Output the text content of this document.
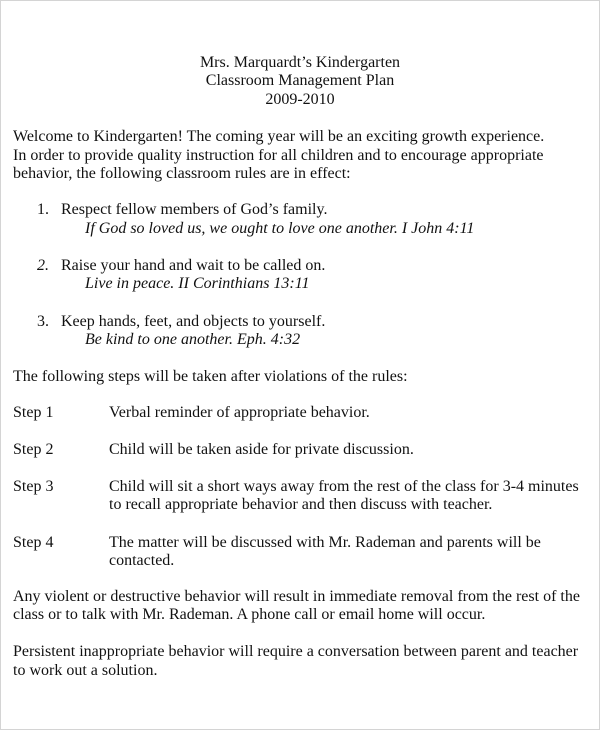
Mrs. Marquardt’s Kindergarten
Classroom Management Plan
2009-2010
Welcome to Kindergarten! The coming year will be an exciting growth experience.
In order to provide quality instruction for all children and to encourage appropriate
behavior, the following classroom rules are in effect:
1. Respect fellow members of God’s family.
If God so loved us, we ought to love one another. I John 4:11
2. Raise your hand and wait to be called on.
Live in peace. II Corinthians 13:11
3. Keep hands, feet, and objects to yourself.
Be kind to one another. Eph. 4:32
The following steps will be taken after violations of the rules:
Step 1	Verbal reminder of appropriate behavior.
Step 2	Child will be taken aside for private discussion.
Step 3	Child will sit a short ways away from the rest of the class for 3-4 minutes
to recall appropriate behavior and then discuss with teacher.
Step 4	The matter will be discussed with Mr. Rademan and parents will be
contacted.
Any violent or destructive behavior will result in immediate removal from the rest of the
class or to talk with Mr. Rademan. A phone call or email home will occur.
Persistent inappropriate behavior will require a conversation between parent and teacher
to work out a solution.
